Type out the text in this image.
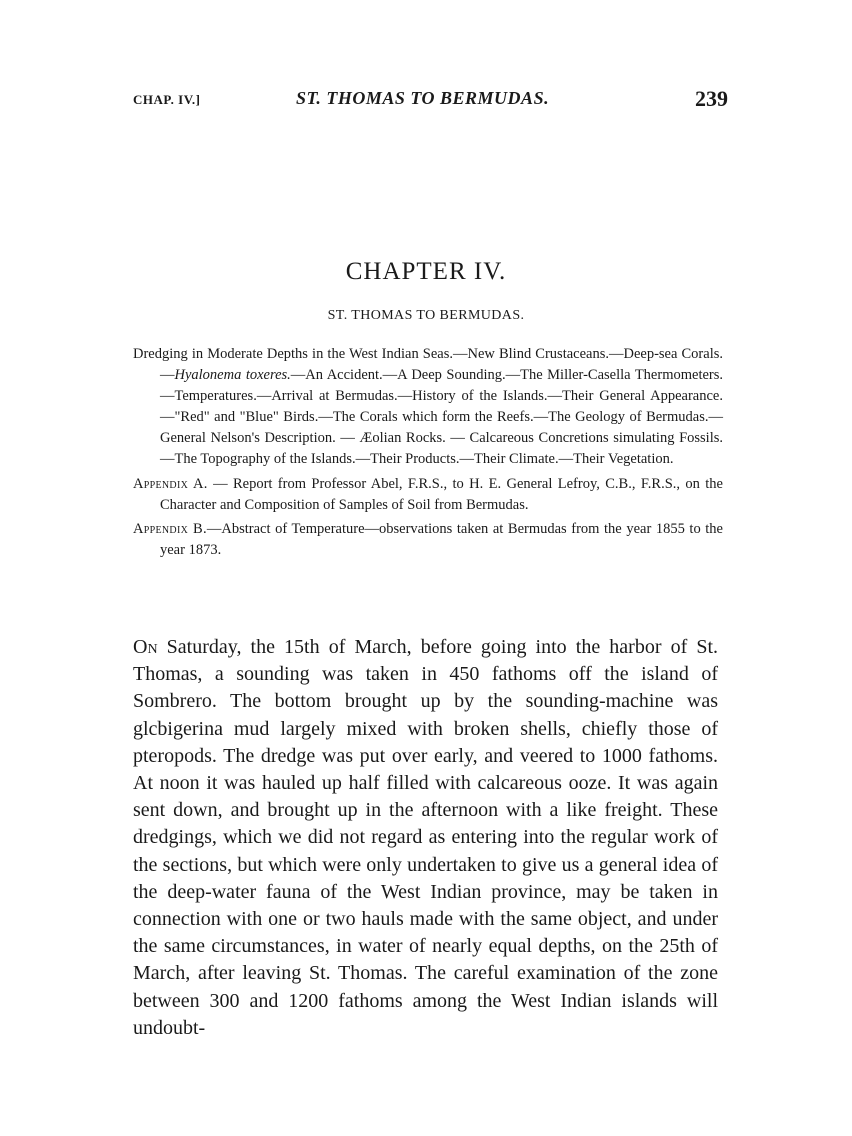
CHAP. IV.]	ST. THOMAS TO BERMUDAS.	239
CHAPTER IV.
ST. THOMAS TO BERMUDAS.

Dredging in Moderate Depths in the West Indian Seas.—New Blind Crustaceans.—Deep-sea Corals.—Hyalonema toxeres.—An Accident.—A Deep Sounding.—The Miller-Casella Thermometers.—Temperatures.—Arrival at Bermudas.—History of the Islands.—Their General Appearance.—"Red" and "Blue" Birds.—The Corals which form the Reefs.—The Geology of Bermudas.—General Nelson's Description. — Æolian Rocks. — Calcareous Concretions simulating Fossils.—The Topography of the Islands.—Their Products.—Their Climate.—Their Vegetation.

Appendix A. — Report from Professor Abel, F.R.S., to H. E. General Lefroy, C.B., F.R.S., on the Character and Composition of Samples of Soil from Bermudas.

Appendix B.—Abstract of Temperature—observations taken at Bermudas from the year 1855 to the year 1873.

On Saturday, the 15th of March, before going into the harbor of St. Thomas, a sounding was taken in 450 fathoms off the island of Sombrero. The bottom brought up by the sounding-machine was glcbigerina mud largely mixed with broken shells, chiefly those of pteropods. The dredge was put over early, and veered to 1000 fathoms. At noon it was hauled up half filled with calcareous ooze. It was again sent down, and brought up in the afternoon with a like freight. These dredgings, which we did not regard as entering into the regular work of the sections, but which were only undertaken to give us a general idea of the deep-water fauna of the West Indian province, may be taken in connection with one or two hauls made with the same object, and under the same circumstances, in water of nearly equal depths, on the 25th of March, after leaving St. Thomas. The careful examination of the zone between 300 and 1200 fathoms among the West Indian islands will undoubt-
